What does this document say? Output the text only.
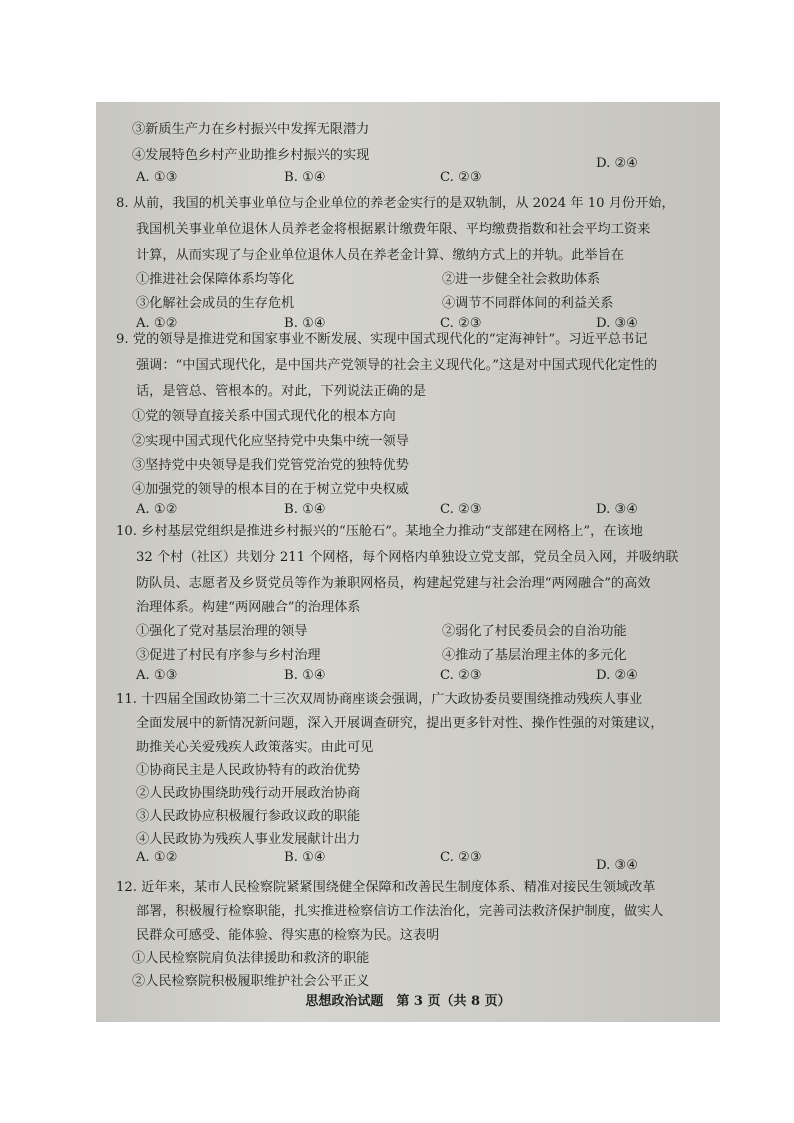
③新质生产力在乡村振兴中发挥无限潜力
④发展特色乡村产业助推乡村振兴的实现
A. ①③	B. ①④	C. ②③
D. ②④
8. 从前，我国的机关事业单位与企业单位的养老金实行的是双轨制，从 2024 年 10 月份开始，
我国机关事业单位退休人员养老金将根据累计缴费年限、平均缴费指数和社会平均工资来
计算，从而实现了与企业单位退休人员在养老金计算、缴纳方式上的并轨。此举旨在
①推进社会保障体系均等化	②进一步健全社会救助体系
③化解社会成员的生存危机	④调节不同群体间的利益关系
A. ①②	B. ①④	C. ②③	D. ③④
9. 党的领导是推进党和国家事业不断发展、实现中国式现代化的“定海神针”。习近平总书记
强调：“中国式现代化，是中国共产党领导的社会主义现代化。”这是对中国式现代化定性的
话，是管总、管根本的。对此，下列说法正确的是
①党的领导直接关系中国式现代化的根本方向
②实现中国式现代化应坚持党中央集中统一领导
③坚持党中央领导是我们党管党治党的独特优势
④加强党的领导的根本目的在于树立党中央权威
A. ①②	B. ①④	C. ②③	D. ③④
10. 乡村基层党组织是推进乡村振兴的“压舱石”。某地全力推动“支部建在网格上”，在该地
32 个村（社区）共划分 211 个网格，每个网格内单独设立党支部，党员全员入网，并吸纳联
防队员、志愿者及乡贤党员等作为兼职网格员，构建起党建与社会治理“两网融合”的高效
治理体系。构建“两网融合”的治理体系
①强化了党对基层治理的领导	②弱化了村民委员会的自治功能
③促进了村民有序参与乡村治理	④推动了基层治理主体的多元化
A. ①③	B. ①④	C. ②③	D. ②④
11. 十四届全国政协第二十三次双周协商座谈会强调，广大政协委员要围绕推动残疾人事业
全面发展中的新情况新问题，深入开展调查研究，提出更多针对性、操作性强的对策建议，
助推关心关爱残疾人政策落实。由此可见
①协商民主是人民政协特有的政治优势
②人民政协围绕助残行动开展政治协商
③人民政协应积极履行参政议政的职能
④人民政协为残疾人事业发展献计出力
A. ①②	B. ①④	C. ②③
D. ③④
12. 近年来，某市人民检察院紧紧围绕健全保障和改善民生制度体系、精准对接民生领域改革
部署，积极履行检察职能，扎实推进检察信访工作法治化，完善司法救济保护制度，做实人
民群众可感受、能体验、得实惠的检察为民。这表明
①人民检察院肩负法律援助和救济的职能
②人民检察院积极履职维护社会公平正义
思想政治试题　第 3 页（共 8 页）
